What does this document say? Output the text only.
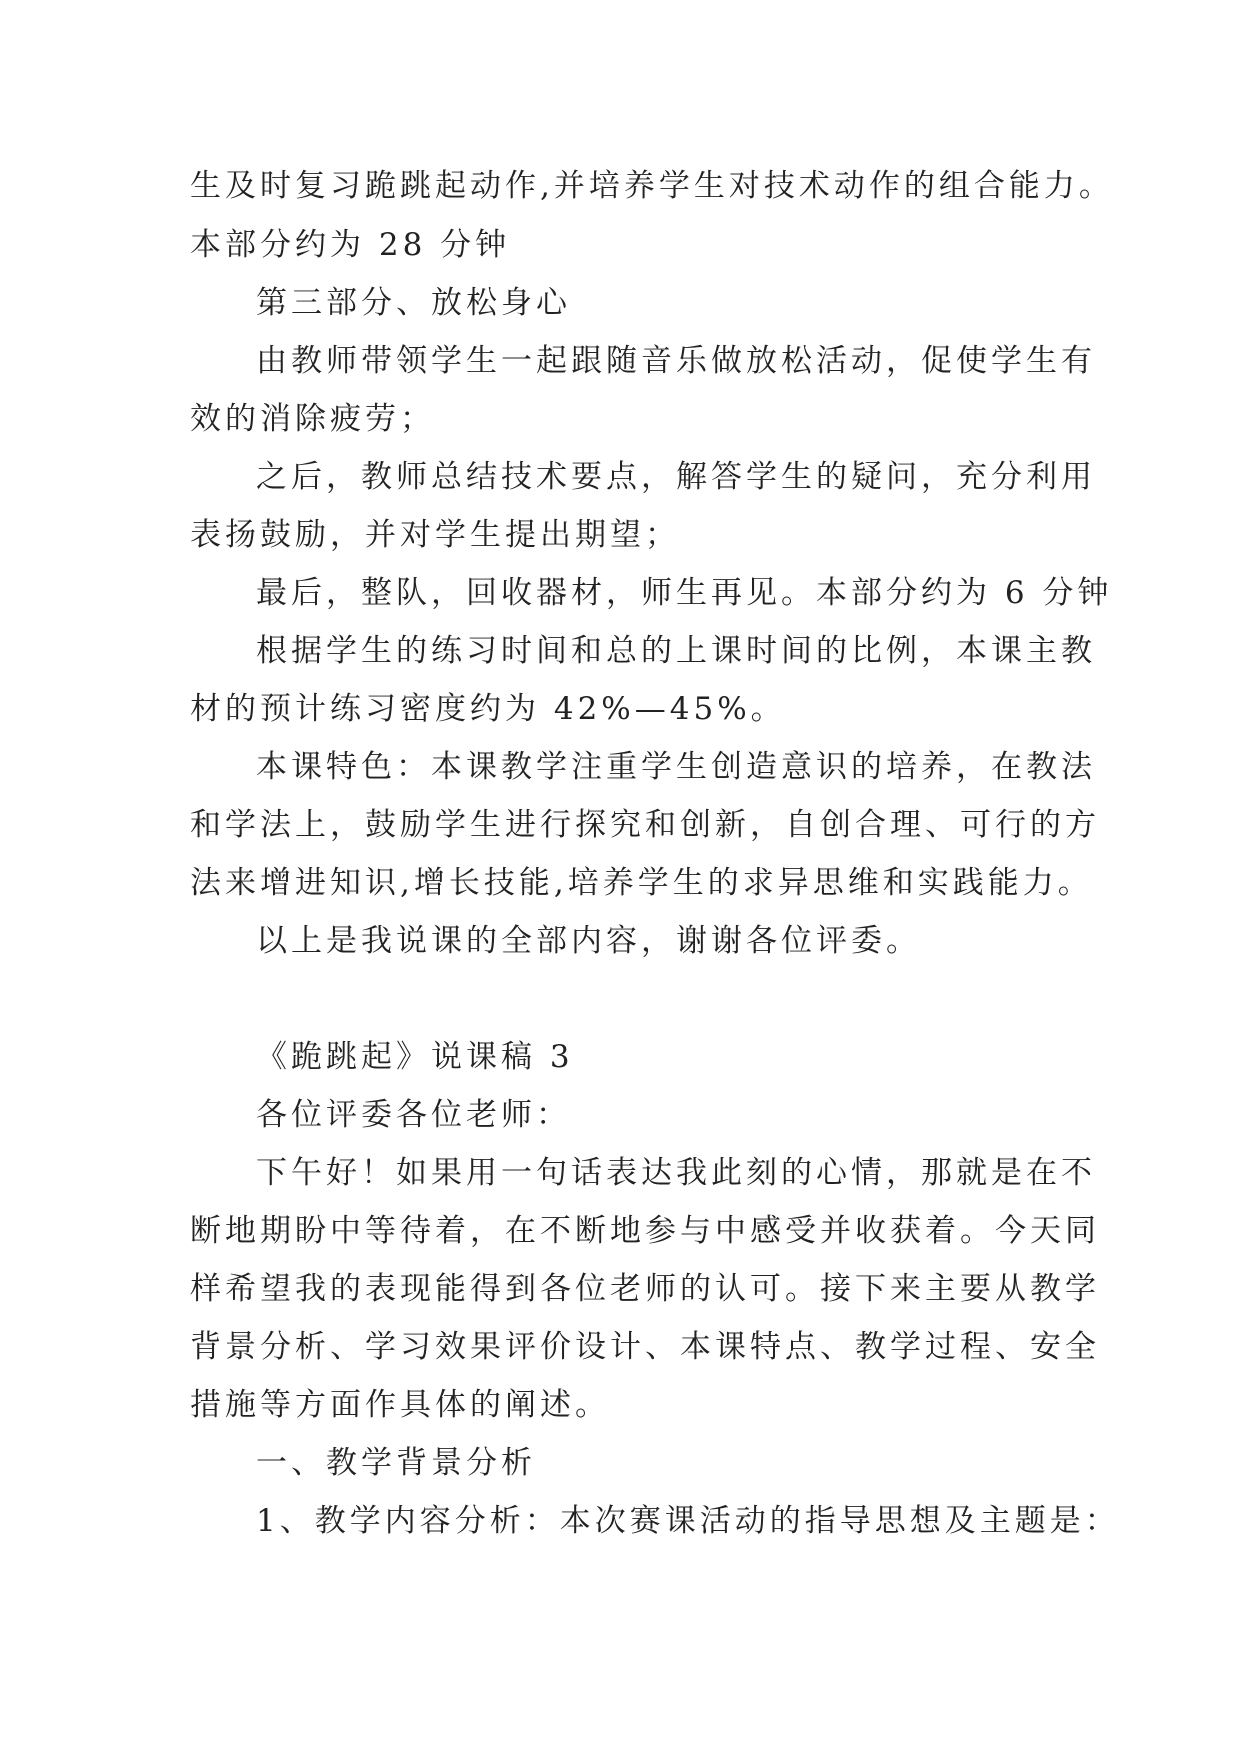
生及时复习跪跳起动作,并培养学生对技术动作的组合能力。
本部分约为 28 分钟
第三部分、放松身心
由教师带领学生一起跟随音乐做放松活动，促使学生有
效的消除疲劳；
之后，教师总结技术要点，解答学生的疑问，充分利用
表扬鼓励，并对学生提出期望；
最后，整队，回收器材，师生再见。本部分约为 6 分钟
根据学生的练习时间和总的上课时间的比例，本课主教
材的预计练习密度约为 42%—45%。
本课特色：本课教学注重学生创造意识的培养，在教法
和学法上，鼓励学生进行探究和创新，自创合理、可行的方
法来增进知识,增长技能,培养学生的求异思维和实践能力。
以上是我说课的全部内容，谢谢各位评委。
《跪跳起》说课稿 3
各位评委各位老师：
下午好！如果用一句话表达我此刻的心情，那就是在不
断地期盼中等待着，在不断地参与中感受并收获着。今天同
样希望我的表现能得到各位老师的认可。接下来主要从教学
背景分析、学习效果评价设计、本课特点、教学过程、安全
措施等方面作具体的阐述。
一、教学背景分析
1、教学内容分析：本次赛课活动的指导思想及主题是：
